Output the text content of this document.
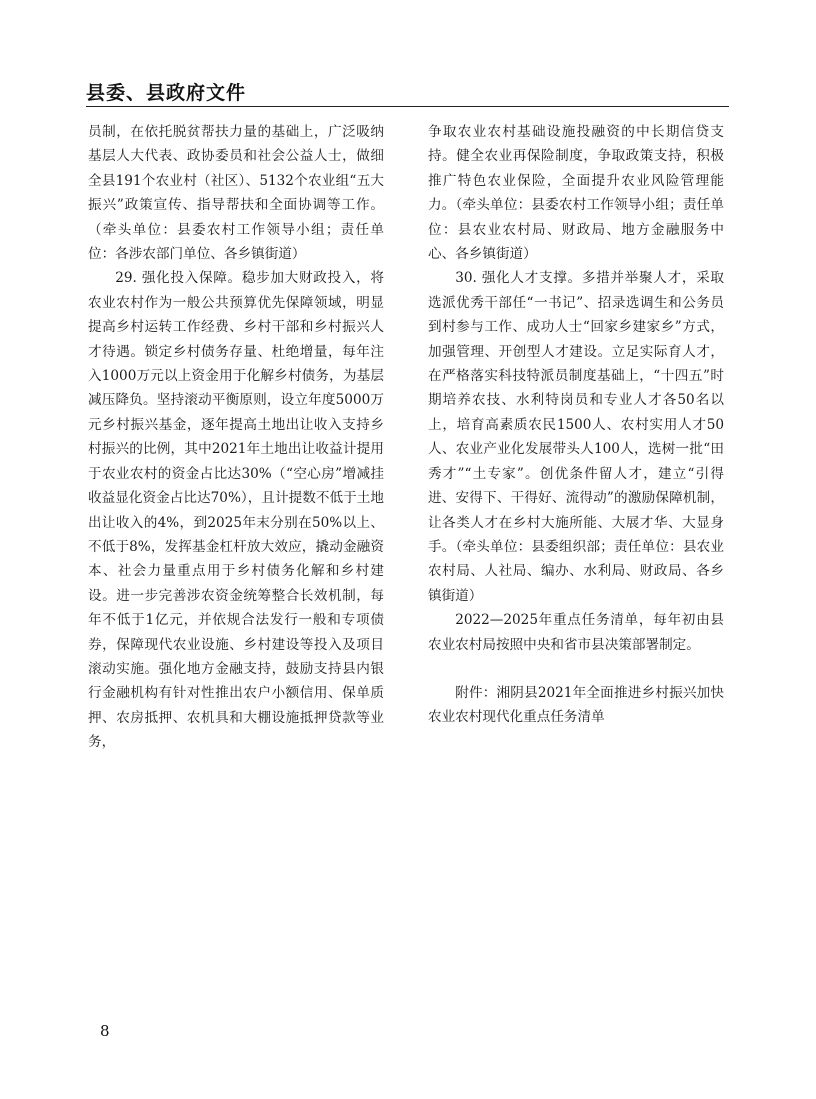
县委、县政府文件

员制，在依托脱贫帮扶力量的基础上，广泛吸纳基层人大代表、政协委员和社会公益人士，做细全县191个农业村（社区）、5132个农业组“五大振兴”政策宣传、指导帮扶和全面协调等工作。（牵头单位：县委农村工作领导小组；责任单位：各涉农部门单位、各乡镇街道）

29. 强化投入保障。稳步加大财政投入，将农业农村作为一般公共预算优先保障领域，明显提高乡村运转工作经费、乡村干部和乡村振兴人才待遇。锁定乡村债务存量、杜绝增量，每年注入1000万元以上资金用于化解乡村债务，为基层减压降负。坚持滚动平衡原则，设立年度5000万元乡村振兴基金，逐年提高土地出让收入支持乡村振兴的比例，其中2021年土地出让收益计提用于农业农村的资金占比达30%（“空心房”增减挂收益显化资金占比达70%），且计提数不低于土地出让收入的4%，到2025年末分别在50%以上、不低于8%，发挥基金杠杆放大效应，撬动金融资本、社会力量重点用于乡村债务化解和乡村建设。进一步完善涉农资金统筹整合长效机制，每年不低于1亿元，并依规合法发行一般和专项债券，保障现代农业设施、乡村建设等投入及项目滚动实施。强化地方金融支持，鼓励支持县内银行金融机构有针对性推出农户小额信用、保单质押、农房抵押、农机具和大棚设施抵押贷款等业务，

争取农业农村基础设施投融资的中长期信贷支持。健全农业再保险制度，争取政策支持，积极推广特色农业保险，全面提升农业风险管理能力。（牵头单位：县委农村工作领导小组；责任单位：县农业农村局、财政局、地方金融服务中心、各乡镇街道）

30. 强化人才支撑。多措并举聚人才，采取选派优秀干部任“一书记”、招录选调生和公务员到村参与工作、成功人士“回家乡建家乡”方式，加强管理、开创型人才建设。立足实际育人才，在严格落实科技特派员制度基础上，“十四五”时期培养农技、水利特岗员和专业人才各50名以上，培育高素质农民1500人、农村实用人才50人、农业产业化发展带头人100人，选树一批“田秀才”“土专家”。创优条件留人才，建立“引得进、安得下、干得好、流得动”的激励保障机制，让各类人才在乡村大施所能、大展才华、大显身手。（牵头单位：县委组织部；责任单位：县农业农村局、人社局、编办、水利局、财政局、各乡镇街道）

2022—2025年重点任务清单，每年初由县农业农村局按照中央和省市县决策部署制定。

附件：湘阴县2021年全面推进乡村振兴加快农业农村现代化重点任务清单

8
